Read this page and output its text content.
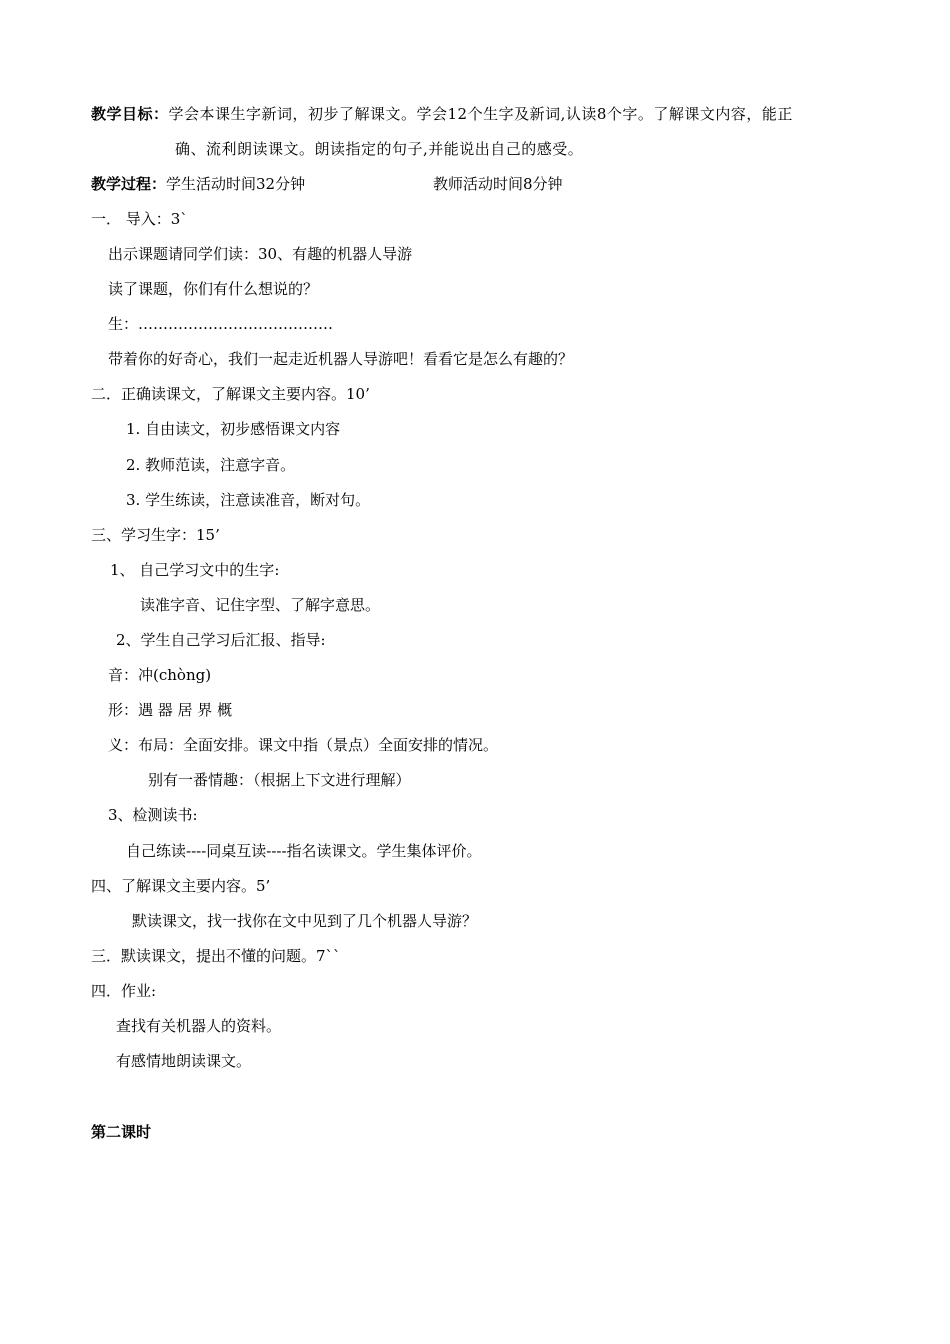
教学目标：学会本课生字新词，初步了解课文。学会12个生字及新词,认读8个字。了解课文内容，能正
确、流利朗读课文。朗读指定的句子,并能说出自己的感受。
教学过程：学生活动时间32分钟	教师活动时间8分钟
一． 导入：3`
出示课题请同学们读：30、有趣的机器人导游
读了课题，你们有什么想说的？
生：…………………………………
带着你的好奇心，我们一起走近机器人导游吧！看看它是怎么有趣的？
二．正确读课文，了解课文主要内容。10’
1. 自由读文，初步感悟课文内容
2. 教师范读，注意字音。
3. 学生练读，注意读准音，断对句。
三、学习生字：15’
1、 自己学习文中的生字:
读准字音、记住字型、了解字意思。
2、学生自己学习后汇报、指导:
音：冲(chòng)
形：遇 器 居 界 概
义：布局：全面安排。课文中指（景点）全面安排的情况。
别有一番情趣：（根据上下文进行理解）
3、检测读书:
自己练读----同桌互读----指名读课文。学生集体评价。
四、了解课文主要内容。5’
默读课文，找一找你在文中见到了几个机器人导游？
三．默读课文，提出不懂的问题。7``
四．作业:
查找有关机器人的资料。
有感情地朗读课文。
第二课时
